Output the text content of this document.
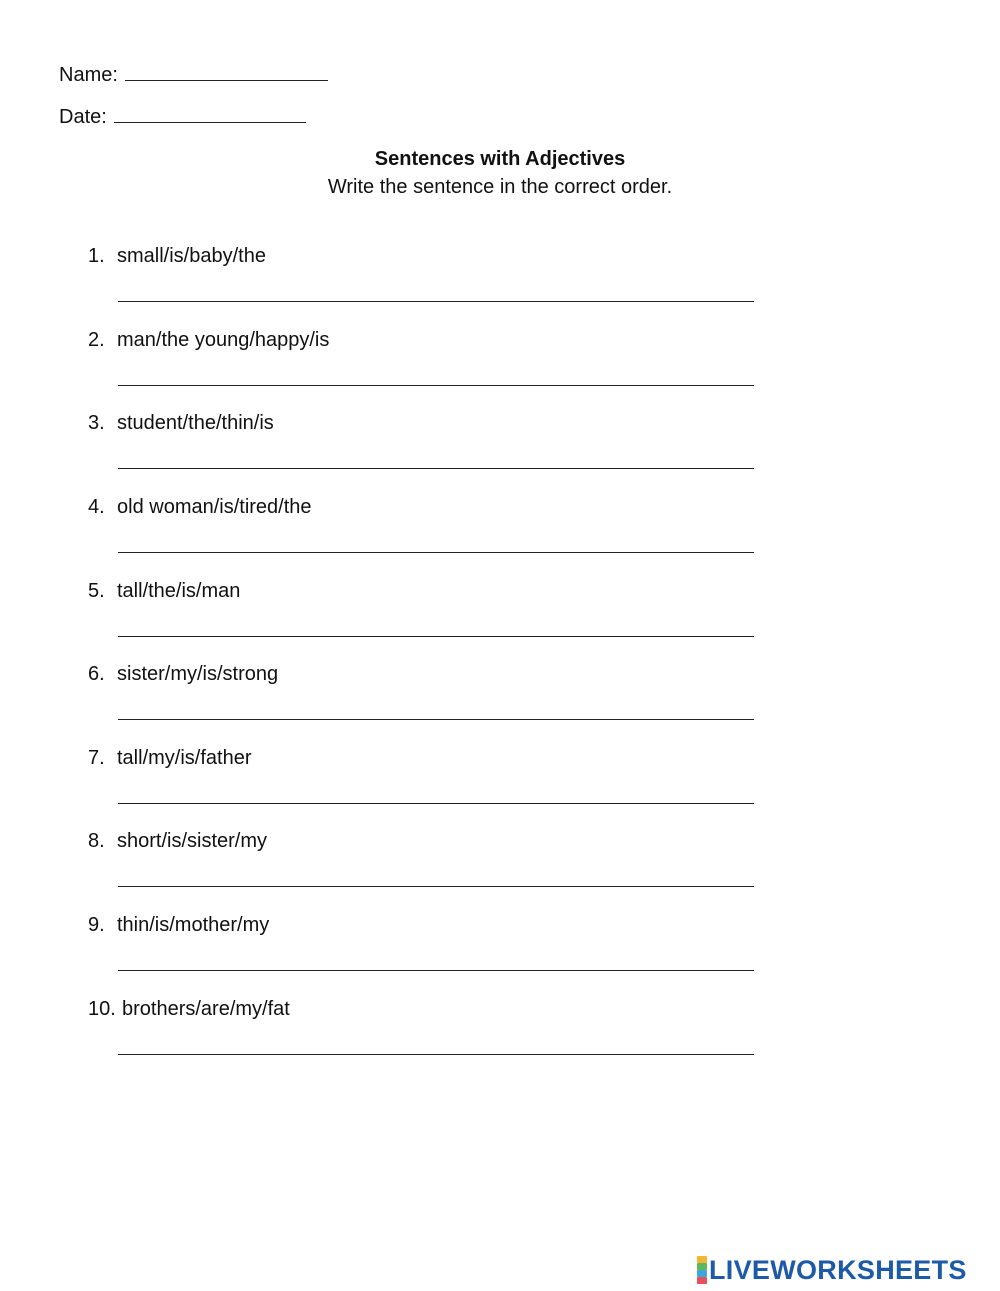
Name:
Date:
Sentences with Adjectives
Write the sentence in the correct order.
1. small/is/baby/the
2. man/the young/happy/is
3. student/the/thin/is
4. old woman/is/tired/the
5. tall/the/is/man
6. sister/my/is/strong
7. tall/my/is/father
8. short/is/sister/my
9. thin/is/mother/my
10. brothers/are/my/fat
LIVEWORKSHEETS
